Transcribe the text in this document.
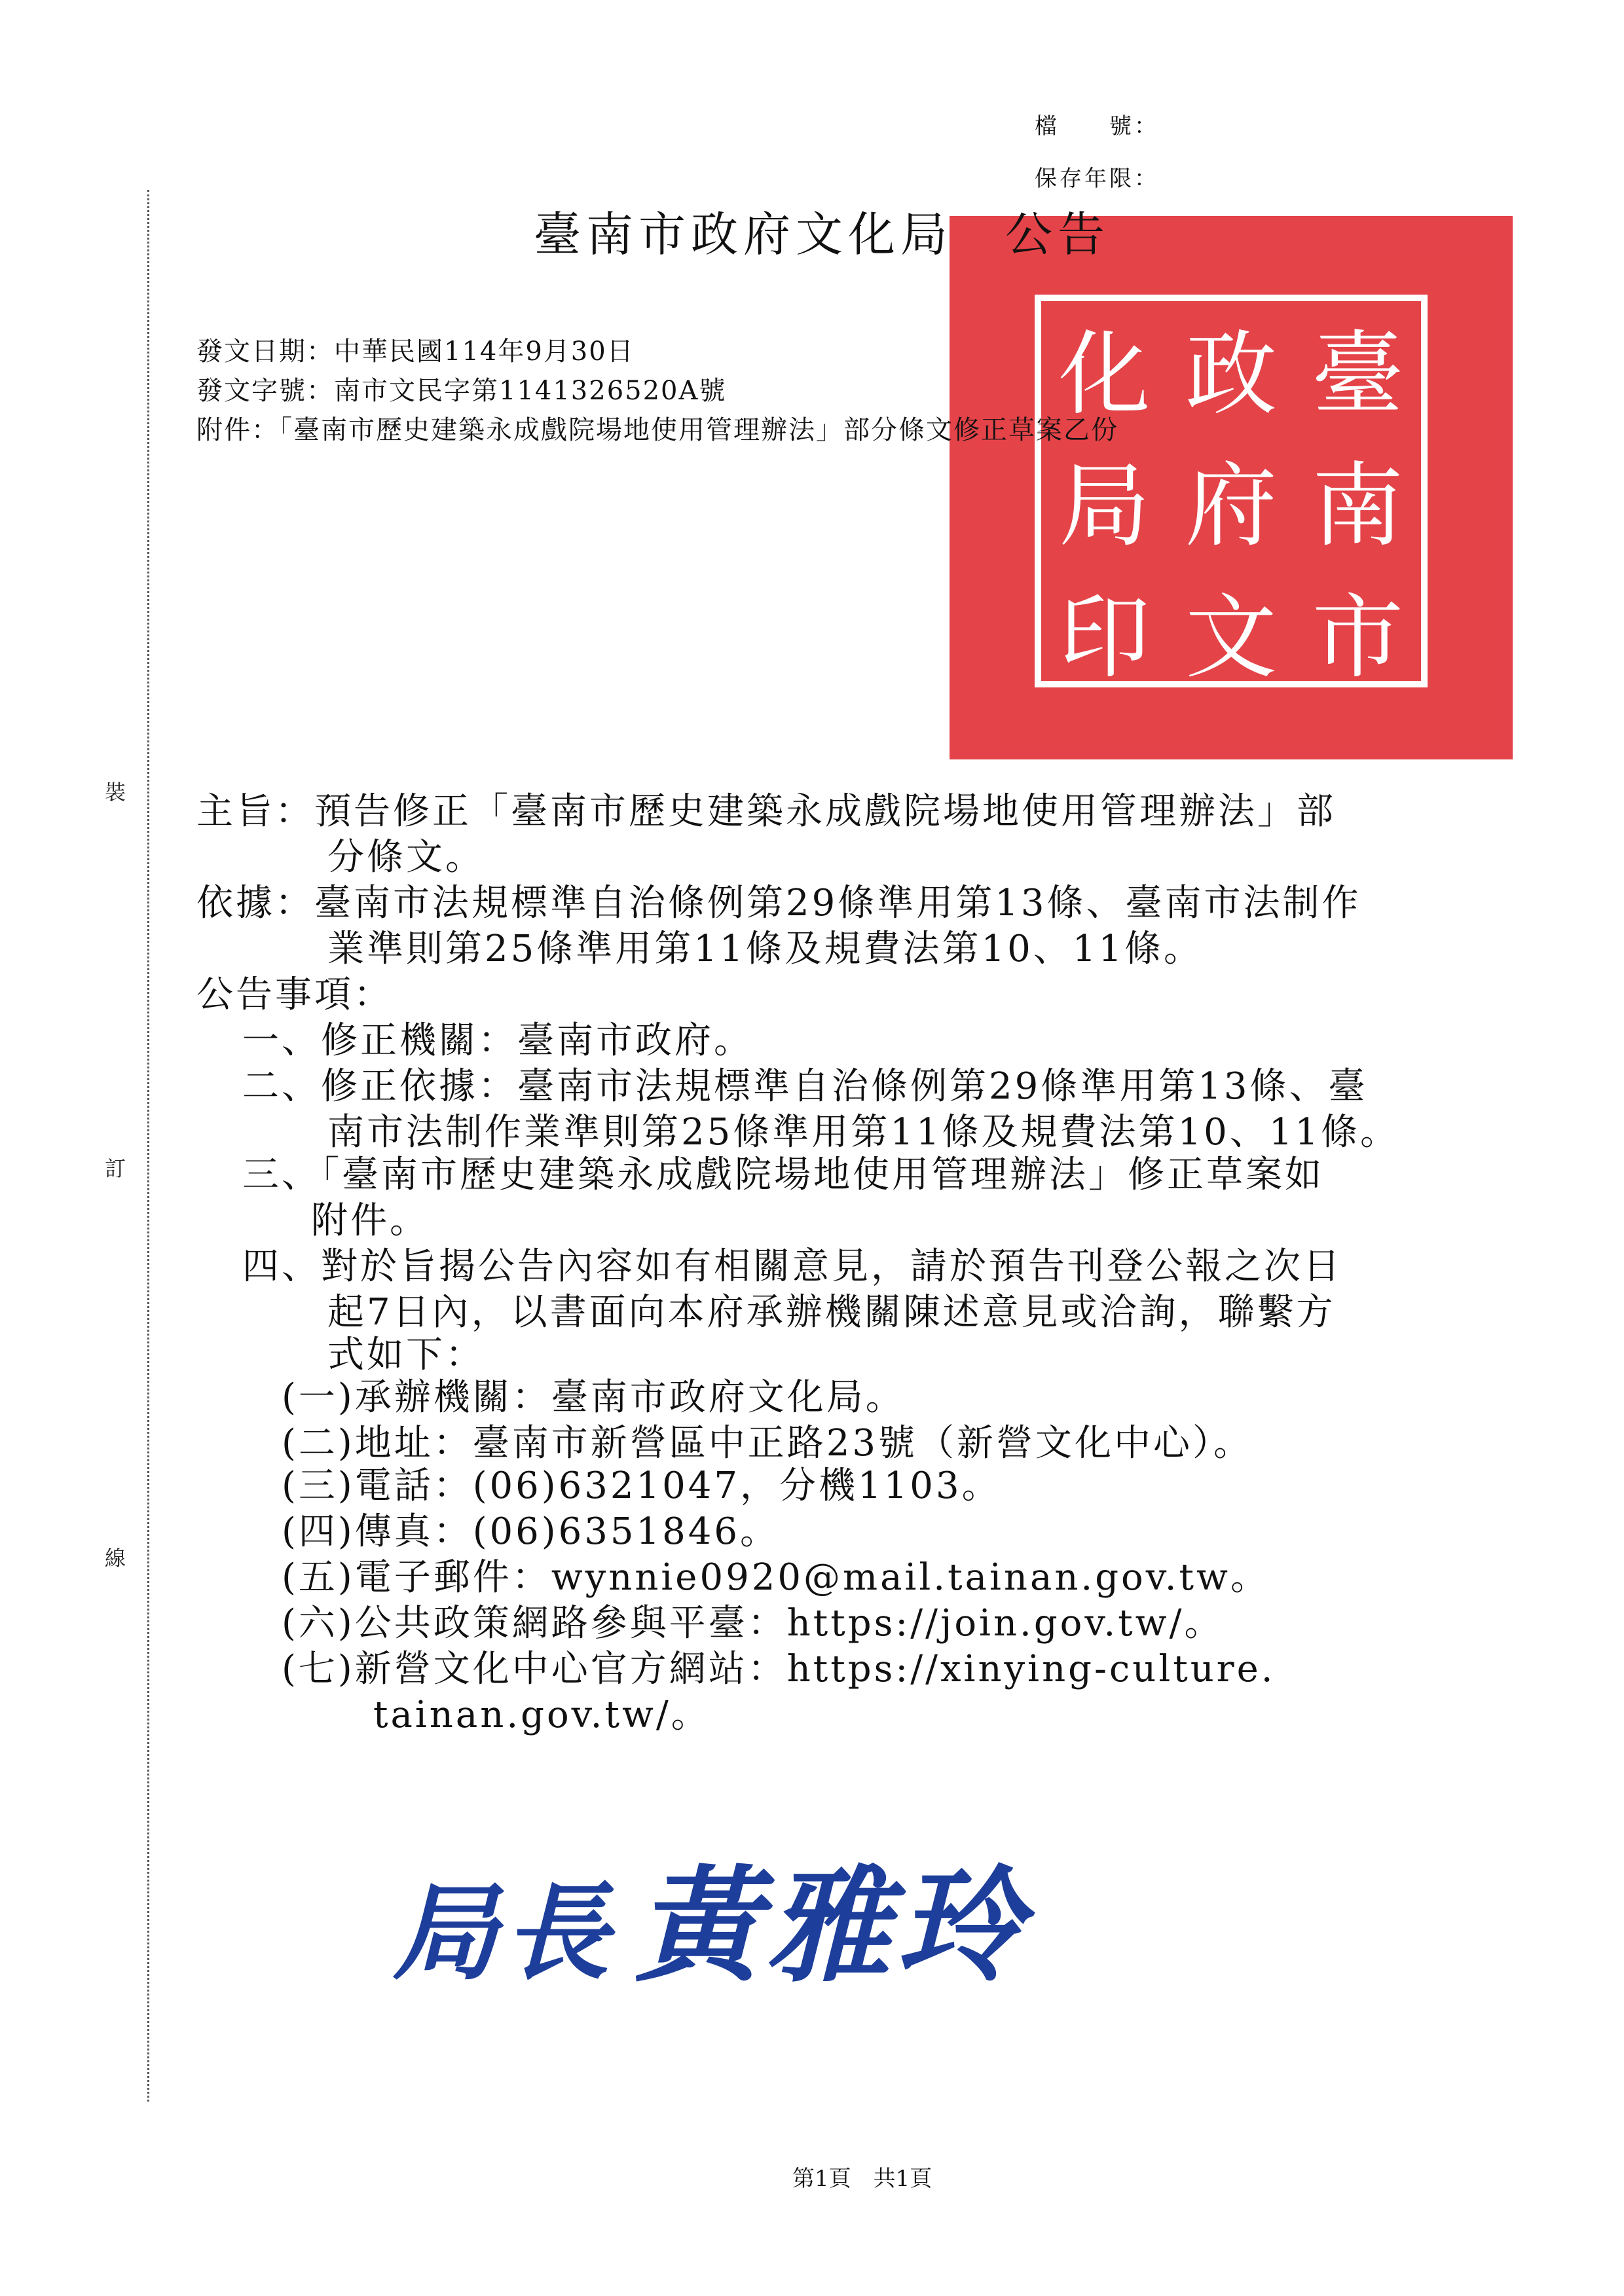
裝
訂
線
檔　　號：
保存年限：
化 政 臺
局 府 南
印 文 市
臺南市政府文化局 公告
發文日期：中華民國114年9月30日
發文字號：南市文民字第1141326520A號
附件：「臺南市歷史建築永成戲院場地使用管理辦法」部分條文修正草案乙份
主旨：預告修正「臺南市歷史建築永成戲院場地使用管理辦法」部
分條文。
依據：臺南市法規標準自治條例第29條準用第13條、臺南市法制作
業準則第25條準用第11條及規費法第10、11條。
公告事項：
一、修正機關：臺南市政府。
二、修正依據：臺南市法規標準自治條例第29條準用第13條、臺
南市法制作業準則第25條準用第11條及規費法第10、11條。
三、「臺南市歷史建築永成戲院場地使用管理辦法」修正草案如
附件。
四、對於旨揭公告內容如有相關意見，請於預告刊登公報之次日
起7日內，以書面向本府承辦機關陳述意見或洽詢，聯繫方
式如下：
(一)承辦機關：臺南市政府文化局。
(二)地址：臺南市新營區中正路23號（新營文化中心）。
(三)電話：(06)6321047，分機1103。
(四)傳真：(06)6351846。
(五)電子郵件：wynnie0920@mail.tainan.gov.tw。
(六)公共政策網路參與平臺：https://join.gov.tw/。
(七)新營文化中心官方網站：https://xinying-culture.
tainan.gov.tw/。
局長 黃雅玲
第1頁　共1頁
